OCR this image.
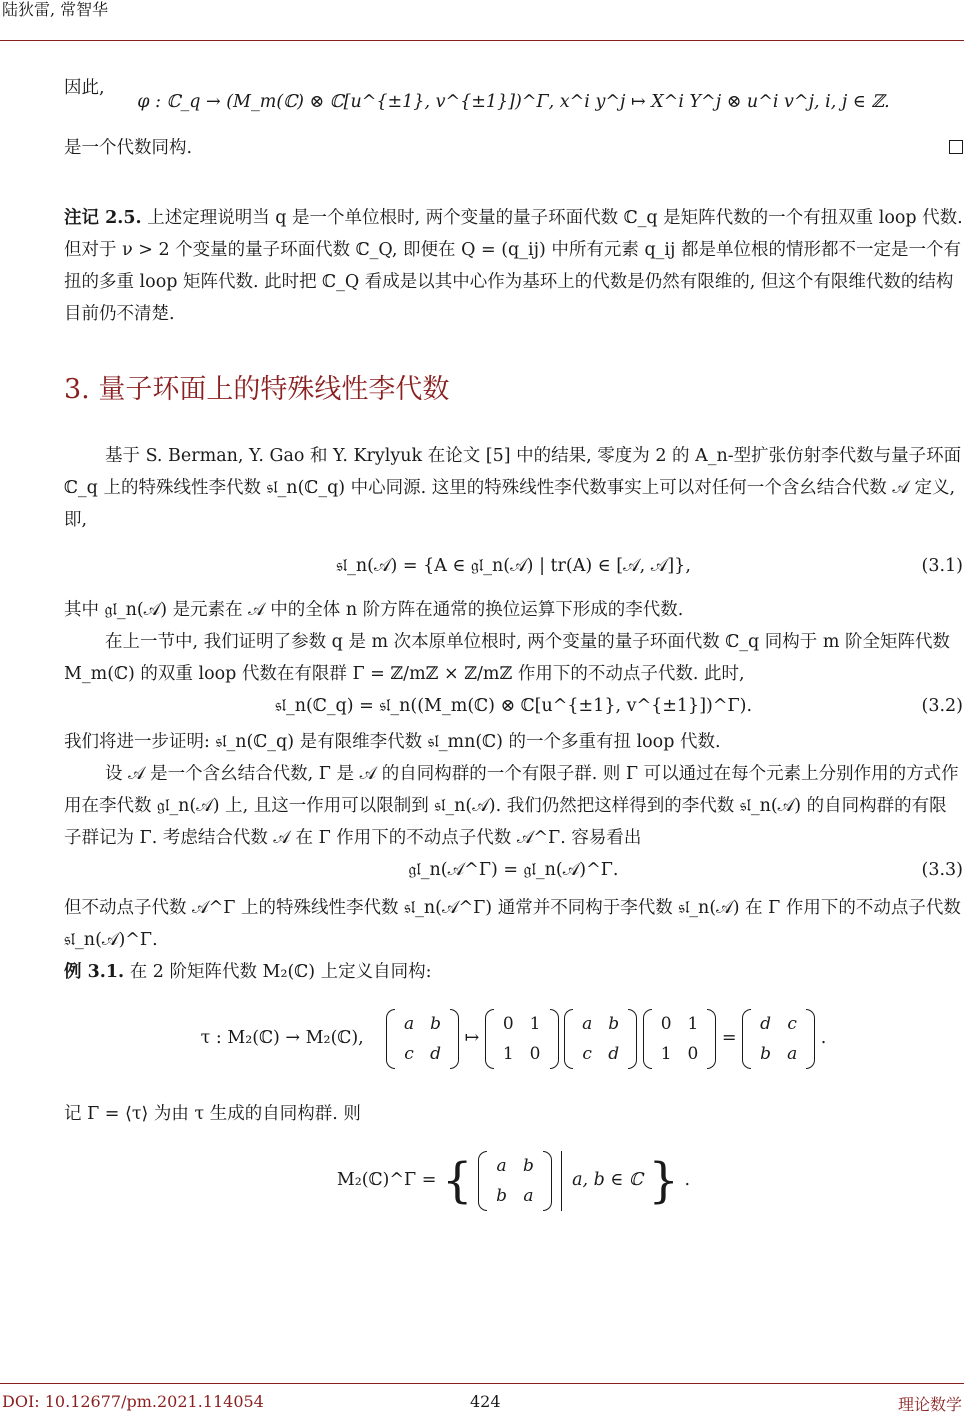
陆狄雷, 常智华

因此,

φ : ℂ_q → (M_m(ℂ) ⊗ ℂ[u^{±1}, v^{±1}])^Γ, x^i y^j ↦ X^i Y^j ⊗ u^i v^j, i, j ∈ ℤ.
是一个代数同构.

注记 2.5. 上述定理说明当 q 是一个单位根时, 两个变量的量子环面代数 ℂ_q 是矩阵代数的一个有扭双重 loop 代数. 但对于 ν > 2 个变量的量子环面代数 ℂ_Q, 即便在 Q = (q_ij) 中所有元素 q_ij 都是单位根的情形都不一定是一个有扭的多重 loop 矩阵代数. 此时把 ℂ_Q 看成是以其中心作为基环上的代数是仍然有限维的, 但这个有限维代数的结构目前仍不清楚.

3. 量子环面上的特殊线性李代数

基于 S. Berman, Y. Gao 和 Y. Krylyuk 在论文 [5] 中的结果, 零度为 2 的 A_n-型扩张仿射李代数与量子环面 ℂ_q 上的特殊线性李代数 𝔰𝔩_n(ℂ_q) 中心同源. 这里的特殊线性李代数事实上可以对任何一个含幺结合代数 𝒜 定义, 即,

𝔰𝔩_n(𝒜) = {A ∈ 𝔤𝔩_n(𝒜) | tr(A) ∈ [𝒜, 𝒜]},	(3.1)

其中 𝔤𝔩_n(𝒜) 是元素在 𝒜 中的全体 n 阶方阵在通常的换位运算下形成的李代数.

在上一节中, 我们证明了参数 q 是 m 次本原单位根时, 两个变量的量子环面代数 ℂ_q 同构于 m 阶全矩阵代数 M_m(ℂ) 的双重 loop 代数在有限群 Γ = ℤ/mℤ × ℤ/mℤ 作用下的不动点子代数. 此时,

𝔰𝔩_n(ℂ_q) = 𝔰𝔩_n((M_m(ℂ) ⊗ ℂ[u^{±1}, v^{±1}])^Γ).	(3.2)

我们将进一步证明: 𝔰𝔩_n(ℂ_q) 是有限维李代数 𝔰𝔩_mn(ℂ) 的一个多重有扭 loop 代数.

设 𝒜 是一个含幺结合代数, Γ 是 𝒜 的自同构群的一个有限子群. 则 Γ 可以通过在每个元素上分别作用的方式作用在李代数 𝔤𝔩_n(𝒜) 上, 且这一作用可以限制到 𝔰𝔩_n(𝒜). 我们仍然把这样得到的李代数 𝔰𝔩_n(𝒜) 的自同构群的有限子群记为 Γ. 考虑结合代数 𝒜 在 Γ 作用下的不动点子代数 𝒜^Γ. 容易看出

𝔤𝔩_n(𝒜^Γ) = 𝔤𝔩_n(𝒜)^Γ.	(3.3)

但不动点子代数 𝒜^Γ 上的特殊线性李代数 𝔰𝔩_n(𝒜^Γ) 通常并不同构于李代数 𝔰𝔩_n(𝒜) 在 Γ 作用下的不动点子代数 𝔰𝔩_n(𝒜)^Γ.

例 3.1. 在 2 阶矩阵代数 M₂(ℂ) 上定义自同构:

τ : M₂(ℂ) → M₂(ℂ),
a	b
c	d
↦
0	1
1	0

a	b
c	d

0	1
1	0
=
d	c
b	a
.

记 Γ = ⟨τ⟩ 为由 τ 生成的自同构群. 则

M₂(ℂ)^Γ = { a	b
b	a
a, b ∈ ℂ } .
DOI: 10.12677/pm.2021.114054	424	理论数学
